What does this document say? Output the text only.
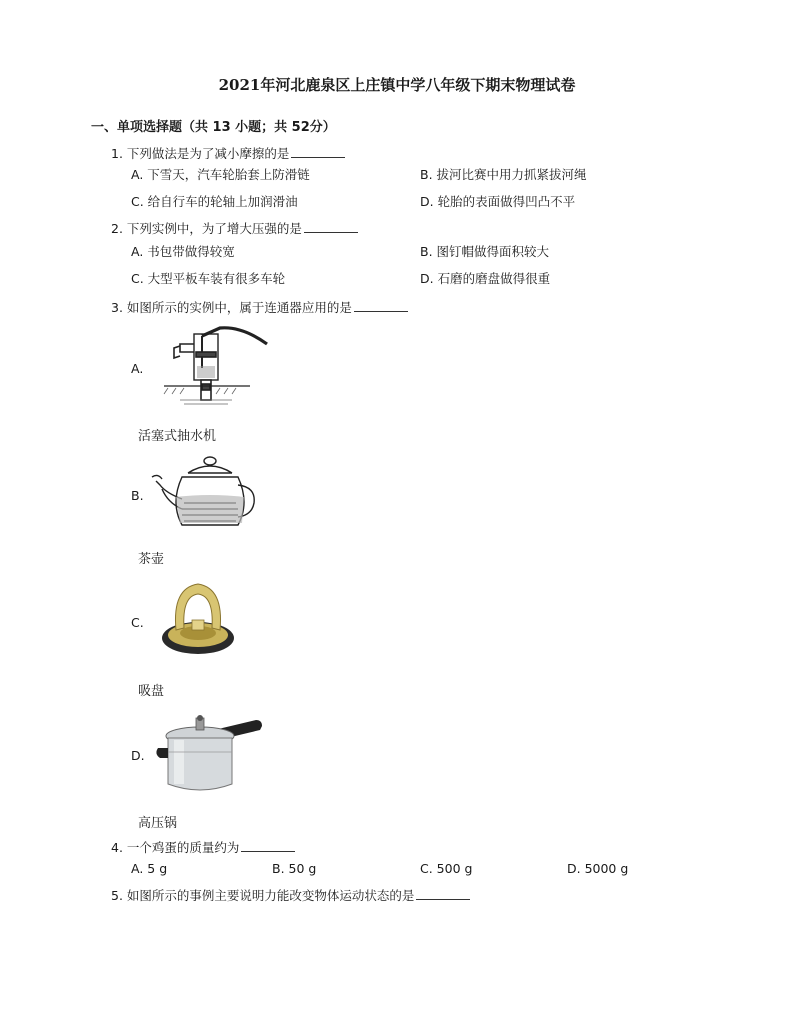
2021年河北鹿泉区上庄镇中学八年级下期末物理试卷
一、单项选择题（共 13 小题；共 52分）
1. 下列做法是为了减小摩擦的是
A. 下雪天，汽车轮胎套上防滑链	B. 拔河比赛中用力抓紧拔河绳
C. 给自行车的轮轴上加润滑油	D. 轮胎的表面做得凹凸不平
2. 下列实例中，为了增大压强的是
A. 书包带做得较宽	B. 图钉帽做得面积较大
C. 大型平板车装有很多车轮	D. 石磨的磨盘做得很重
3. 如图所示的实例中，属于连通器应用的是
A.
活塞式抽水机
B.
茶壶
C.
吸盘
D.
高压锅
4. 一个鸡蛋的质量约为
A. 5 g	B. 50 g	C. 500 g	D. 5000 g
5. 如图所示的事例主要说明力能改变物体运动状态的是
